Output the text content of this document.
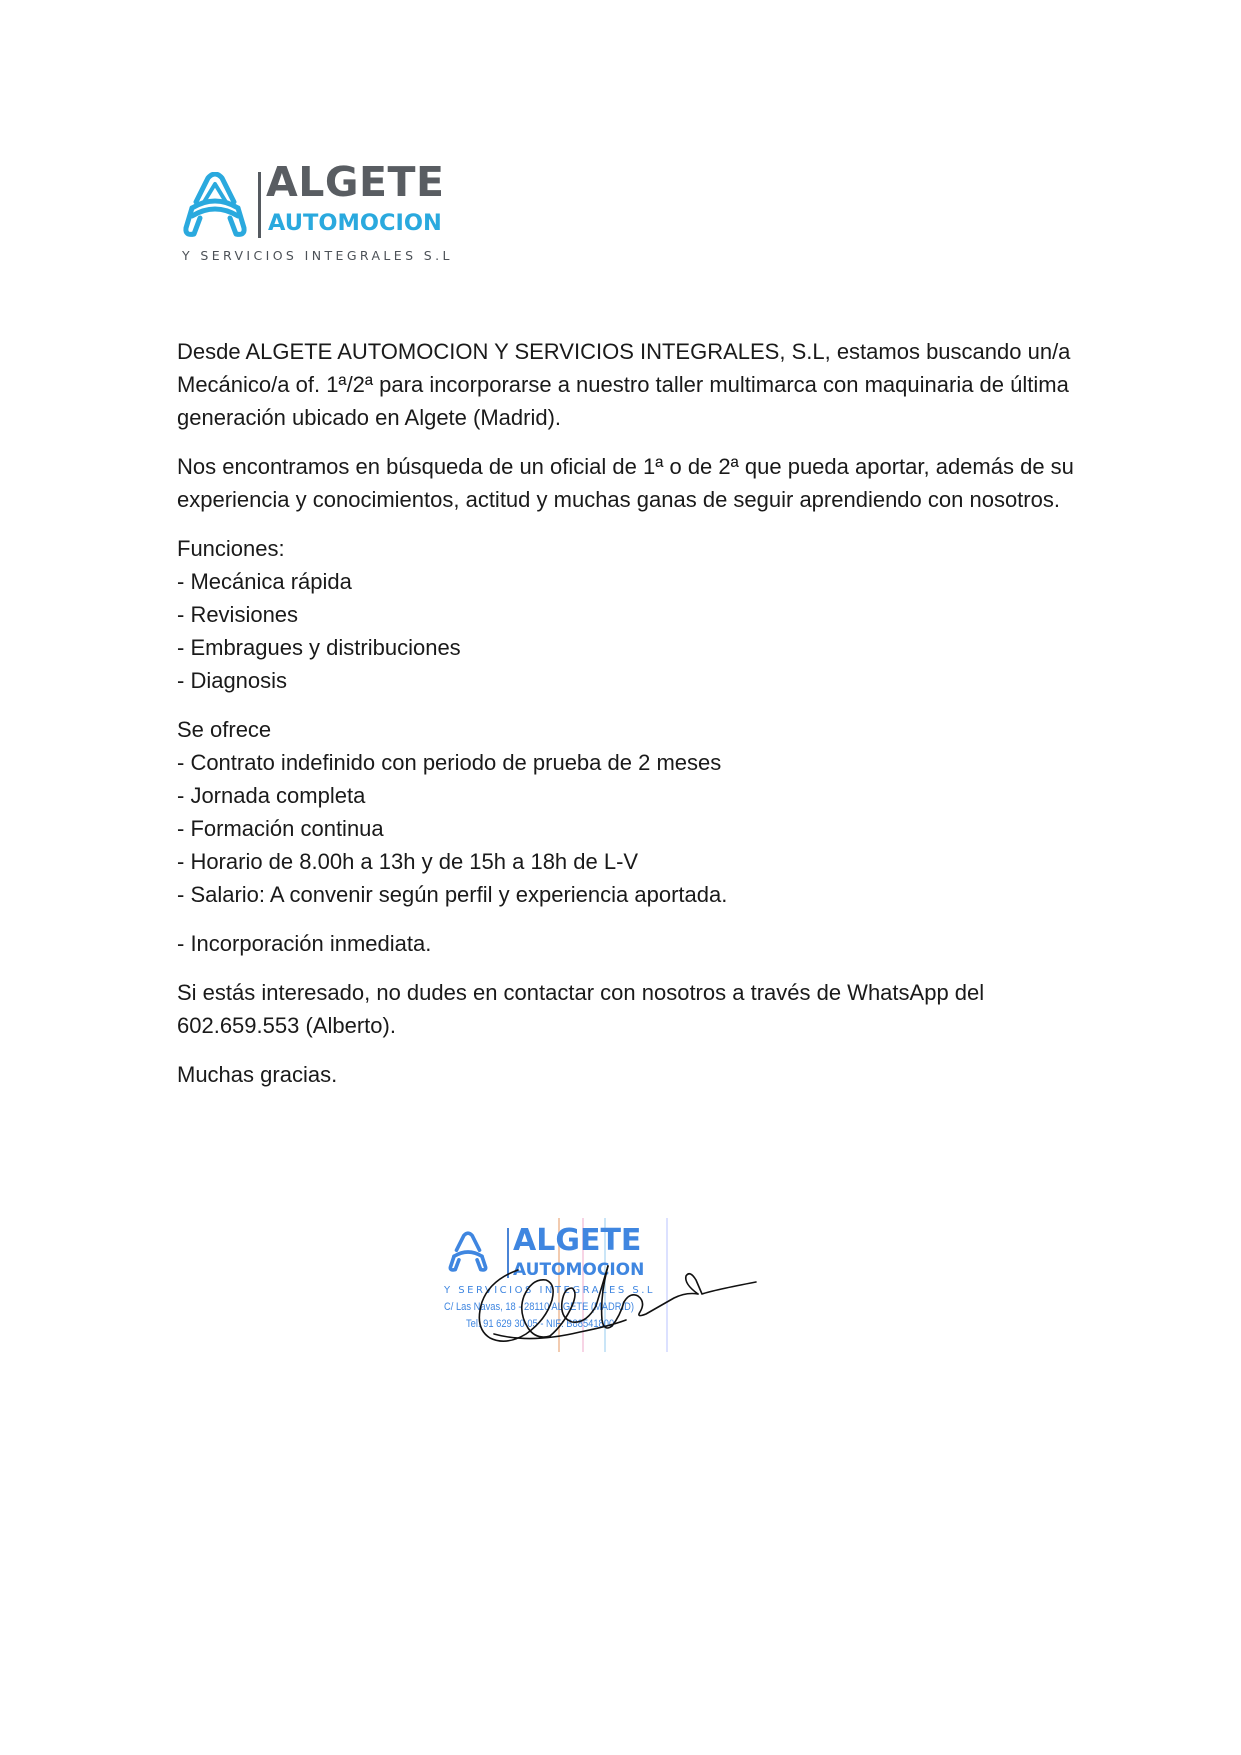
ALGETE
AUTOMOCION
Y SERVICIOS INTEGRALES S.L

Desde ALGETE AUTOMOCION Y SERVICIOS INTEGRALES, S.L, estamos buscando un/a Mecánico/a of. 1ª/2ª para incorporarse a nuestro taller multimarca con maquinaria de última generación ubicado en Algete (Madrid).

Nos encontramos en búsqueda de un oficial de 1ª o de 2ª que pueda aportar, además de su experiencia y conocimientos, actitud y muchas ganas de seguir aprendiendo con nosotros.

Funciones:
- Mecánica rápida
- Revisiones
- Embragues y distribuciones
- Diagnosis
Se ofrece
- Contrato indefinido con periodo de prueba de 2 meses
- Jornada completa
- Formación continua
- Horario de 8.00h a 13h y de 15h a 18h de L-V
- Salario: A convenir según perfil y experiencia aportada.

- Incorporación inmediata.

Si estás interesado, no dudes en contactar con nosotros a través de WhatsApp del 602.659.553 (Alberto).

Muchas gracias.

ALGETE
AUTOMOCION
Y SERVICIOS INTEGRALES S.L
C/ Las Navas, 18 - 28110 ALGETE (MADRID)
Tel. 91 629 30 05 - NIF: B88541800
